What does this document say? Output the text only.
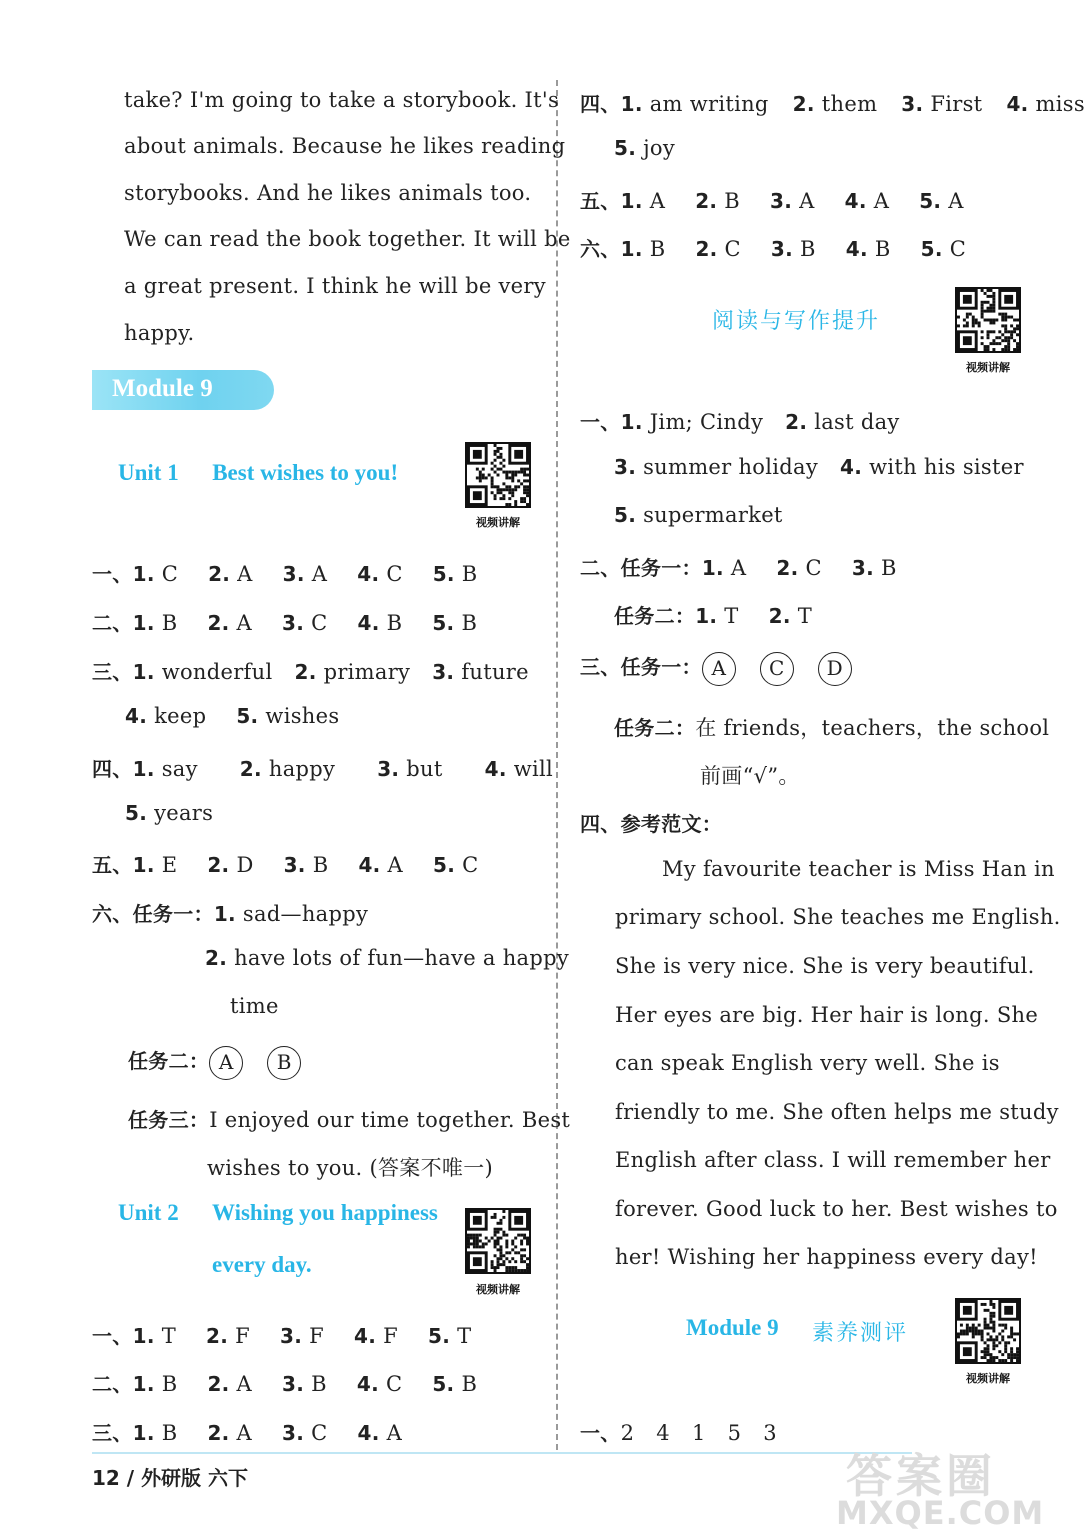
take? I'm going to take a storybook. It's
about animals. Because he likes reading
storybooks. And he likes animals too.
We can read the book together. It will be
a great present. I think he will be very
happy.
Module 9
Unit 1 Best wishes to you!
视频讲解
一、1. C 2. A 3. A 4. C 5. B
二、1. B 2. A 3. C 4. B 5. B
三、1. wonderful 2. primary 3. future
4. keep 5. wishes
四、1. say 2. happy 3. but 4. will
5. years
五、1. E 2. D 3. B 4. A 5. C
六、任务一：1. sad—happy
2. have lots of fun—have a happy
time
任务二： A B
任务三：I enjoyed our time together. Best
wishes to you. (答案不唯一)
Unit 2 Wishing you happiness
every day.
视频讲解
一、1. T 2. F 3. F 4. F 5. T
二、1. B 2. A 3. B 4. C 5. B
三、1. B 2. A 3. C 4. A
四、1. am writing 2. them 3. First 4. miss
5. joy
五、1. A 2. B 3. A 4. A 5. A
六、1. B 2. C 3. B 4. B 5. C
阅读与写作提升
视频讲解
一、1. Jim; Cindy 2. last day
3. summer holiday 4. with his sister
5. supermarket
二、任务一：1. A 2. C 3. B
任务二：1. T 2. T
三、任务一： A C D
任务二：在 friends，teachers，the school
前画“√”。
四、参考范文：
My favourite teacher is Miss Han in
primary school. She teaches me English.
She is very nice. She is very beautiful.
Her eyes are big. Her hair is long. She
can speak English very well. She is
friendly to me. She often helps me study
English after class. I will remember her
forever. Good luck to her. Best wishes to
her! Wishing her happiness every day!
Module 9 素养测评
视频讲解
一、2 4 1 5 3
12 / 外研版 六下	答案圈
MXQE.COM
